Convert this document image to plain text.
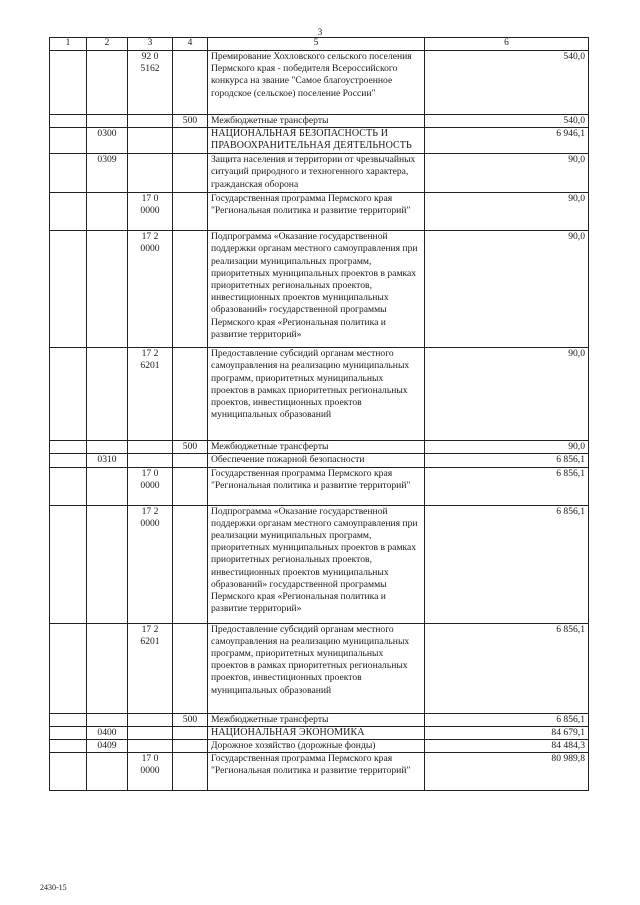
3
1	2	3	4	5	6
		92 0 5162		Премирование Хохловского сельского поселения Пермского края - победителя Всероссийского конкурса на звание "Самое благоустроенное городское (сельское) поселение России"	540,0
			500	Межбюджетные трансферты	540,0
	0300			НАЦИОНАЛЬНАЯ БЕЗОПАСНОСТЬ И ПРАВООХРАНИТЕЛЬНАЯ ДЕЯТЕЛЬНОСТЬ	6 946,1
	0309			Защита населения и территории от чрезвычайных ситуаций природного и техногенного характера, гражданская оборона	90,0
		17 0 0000		Государственная программа Пермского края "Региональная политика и развитие территорий"	90,0
		17 2 0000		Подпрограмма «Оказание государственной поддержки органам местного самоуправления при реализации муниципальных программ, приоритетных муниципальных проектов в рамках приоритетных региональных проектов, инвестиционных проектов муниципальных образований» государственной программы Пермского края «Региональная политика и развитие территорий»	90,0
		17 2 6201		Предоставление субсидий органам местного самоуправления на реализацию муниципальных программ, приоритетных муниципальных проектов в рамках приоритетных региональных проектов, инвестиционных проектов муниципальных образований	90,0
			500	Межбюджетные трансферты	90,0
	0310			Обеспечение пожарной безопасности	6 856,1
		17 0 0000		Государственная программа Пермского края "Региональная политика и развитие территорий"	6 856,1
		17 2 0000		Подпрограмма «Оказание государственной поддержки органам местного самоуправления при реализации муниципальных программ, приоритетных муниципальных проектов в рамках приоритетных региональных проектов, инвестиционных проектов муниципальных образований» государственной программы Пермского края «Региональная политика и развитие территорий»	6 856,1
		17 2 6201		Предоставление субсидий органам местного самоуправления на реализацию муниципальных программ, приоритетных муниципальных проектов в рамках приоритетных региональных проектов, инвестиционных проектов муниципальных образований	6 856,1
			500	Межбюджетные трансферты	6 856,1
	0400			НАЦИОНАЛЬНАЯ ЭКОНОМИКА	84 679,1
	0409			Дорожное хозяйство (дорожные фонды)	84 484,3
		17 0 0000		Государственная программа Пермского края "Региональная политика и развитие территорий"	80 989,8
2430-15
